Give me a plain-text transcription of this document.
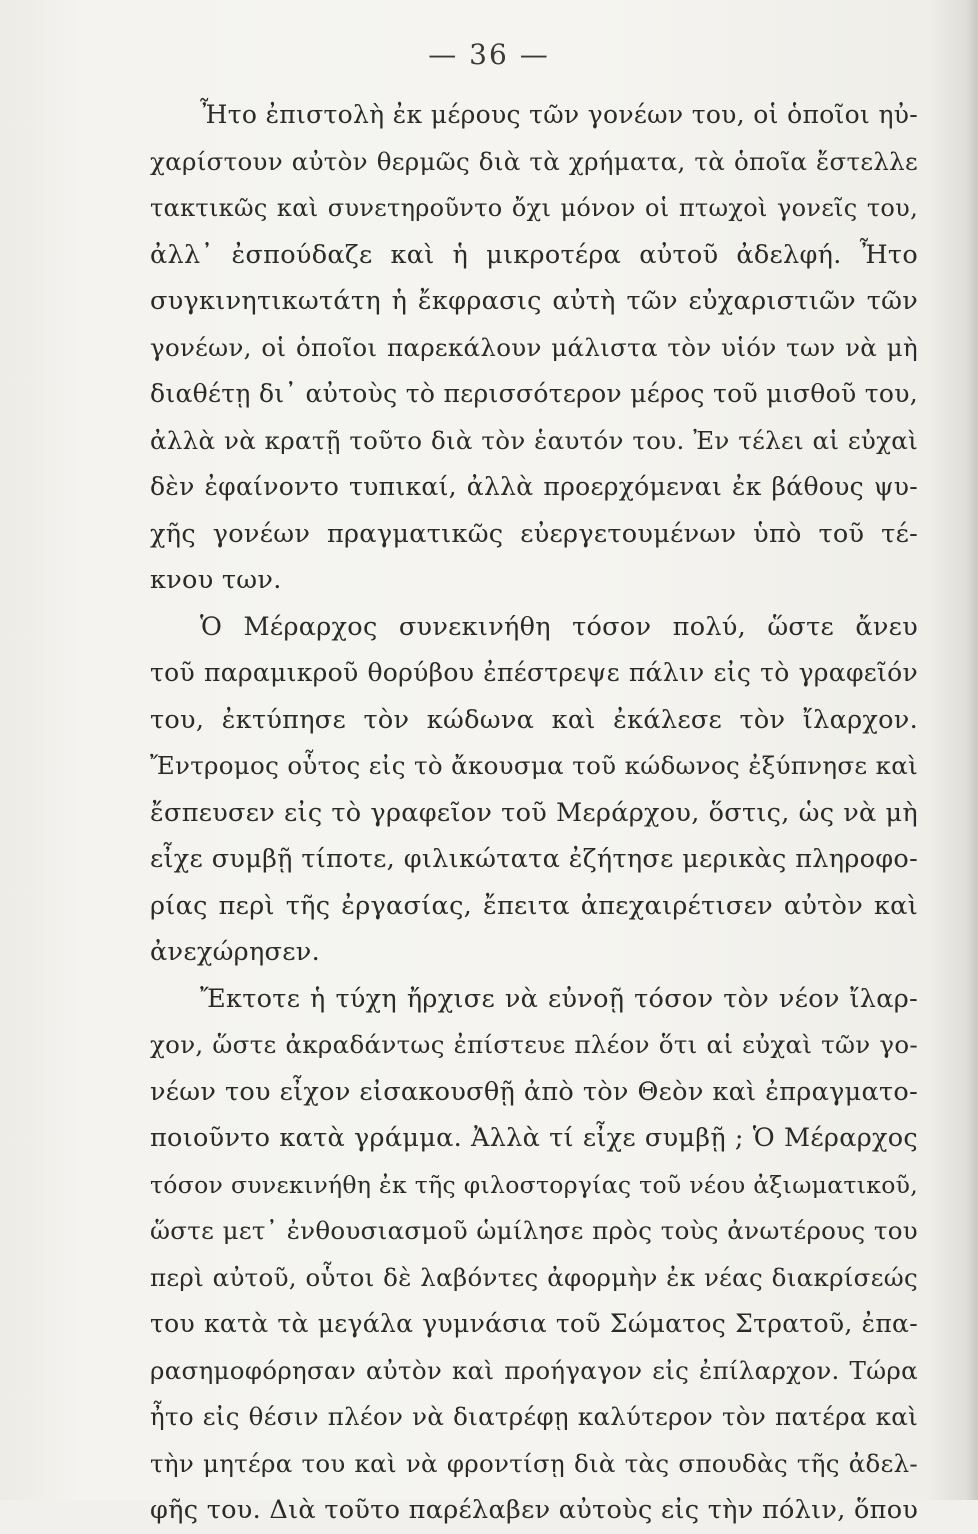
— 36 —
Ἦτο ἐπιστολὴ ἐκ μέρους τῶν γονέων του, οἱ ὁποῖοι ηὐ-
χαρίστουν αὐτὸν θερμῶς διὰ τὰ χρήματα, τὰ ὁποῖα ἔστελλε
τακτικῶς καὶ συνετηροῦντο ὄχι μόνον οἱ πτωχοὶ γονεῖς του,
ἀλλ᾽ ἐσπούδαζε καὶ ἡ μικροτέρα αὐτοῦ ἀδελφή. Ἦτο
συγκινητικωτάτη ἡ ἔκφρασις αὐτὴ τῶν εὐχαριστιῶν τῶν
γονέων, οἱ ὁποῖοι παρεκάλουν μάλιστα τὸν υἱόν των νὰ μὴ
διαθέτῃ δι᾽ αὐτοὺς τὸ περισσότερον μέρος τοῦ μισθοῦ του,
ἀλλὰ νὰ κρατῇ τοῦτο διὰ τὸν ἑαυτόν του. Ἐν τέλει αἱ εὐχαὶ
δὲν ἐφαίνοντο τυπικαί, ἀλλὰ προερχόμεναι ἐκ βάθους ψυ-
χῆς γονέων πραγματικῶς εὐεργετουμένων ὑπὸ τοῦ τέ-
κνου των.
Ὁ Μέραρχος συνεκινήθη τόσον πολύ, ὥστε ἄνευ
τοῦ παραμικροῦ θορύβου ἐπέστρεψε πάλιν εἰς τὸ γραφεῖόν
του, ἐκτύπησε τὸν κώδωνα καὶ ἐκάλεσε τὸν ἴλαρχον.
Ἔντρομος οὗτος εἰς τὸ ἄκουσμα τοῦ κώδωνος ἐξύπνησε καὶ
ἔσπευσεν εἰς τὸ γραφεῖον τοῦ Μεράρχου, ὅστις, ὡς νὰ μὴ
εἶχε συμβῇ τίποτε, φιλικώτατα ἐζήτησε μερικὰς πληροφο-
ρίας περὶ τῆς ἐργασίας, ἔπειτα ἀπεχαιρέτισεν αὐτὸν καὶ
ἀνεχώρησεν.
Ἔκτοτε ἡ τύχη ἤρχισε νὰ εὐνοῇ τόσον τὸν νέον ἴλαρ-
χον, ὥστε ἀκραδάντως ἐπίστευε πλέον ὅτι αἱ εὐχαὶ τῶν γο-
νέων του εἶχον εἰσακουσθῇ ἀπὸ τὸν Θεὸν καὶ ἐπραγματο-
ποιοῦντο κατὰ γράμμα. Ἀλλὰ τί εἶχε συμβῇ ; Ὁ Μέραρχος
τόσον συνεκινήθη ἐκ τῆς φιλοστοργίας τοῦ νέου ἀξιωματικοῦ,
ὥστε μετ᾽ ἐνθουσιασμοῦ ὡμίλησε πρὸς τοὺς ἀνωτέρους του
περὶ αὐτοῦ, οὗτοι δὲ λαβόντες ἀφορμὴν ἐκ νέας διακρίσεώς
του κατὰ τὰ μεγάλα γυμνάσια τοῦ Σώματος Στρατοῦ, ἐπα-
ρασημοφόρησαν αὐτὸν καὶ προήγαγον εἰς ἐπίλαρχον. Τώρα
ἦτο εἰς θέσιν πλέον νὰ διατρέφῃ καλύτερον τὸν πατέρα καὶ
τὴν μητέρα του καὶ νὰ φροντίσῃ διὰ τὰς σπουδὰς τῆς ἀδελ-
φῆς του. Διὰ τοῦτο παρέλαβεν αὐτοὺς εἰς τὴν πόλιν, ὅπου
